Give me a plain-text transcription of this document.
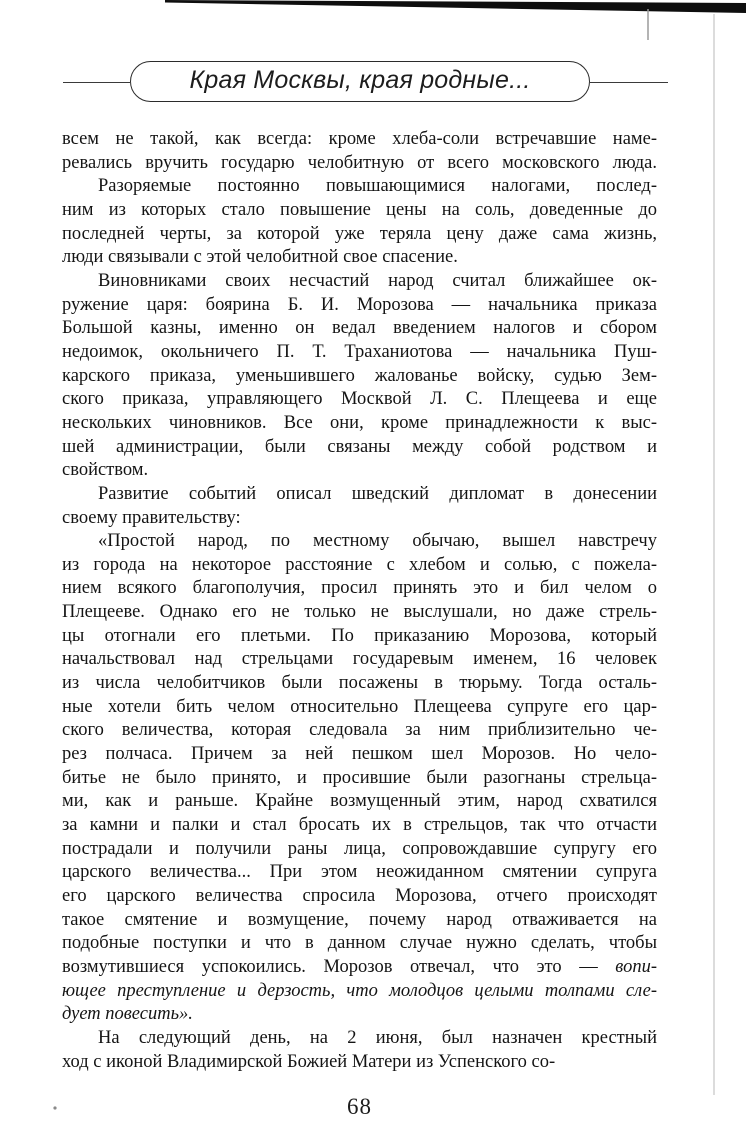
Края Москвы, края родные...
всем не такой, как всегда: кроме хлеба-соли встречавшие наме-
ревались вручить государю челобитную от всего московского люда.
Разоряемые постоянно повышающимися налогами, послед-
ним из которых стало повышение цены на соль, доведенные до
последней черты, за которой уже теряла цену даже сама жизнь,
люди связывали с этой челобитной свое спасение.
Виновниками своих несчастий народ считал ближайшее ок-
ружение царя: боярина Б. И. Морозова — начальника приказа
Большой казны, именно он ведал введением налогов и сбором
недоимок, окольничего П. Т. Траханиотова — начальника Пуш-
карского приказа, уменьшившего жалованье войску, судью Зем-
ского приказа, управляющего Москвой Л. С. Плещеева и еще
нескольких чиновников. Все они, кроме принадлежности к выс-
шей администрации, были связаны между собой родством и
свойством.
Развитие событий описал шведский дипломат в донесении
своему правительству:
«Простой народ, по местному обычаю, вышел навстречу
из города на некоторое расстояние с хлебом и солью, с пожела-
нием всякого благополучия, просил принять это и бил челом о
Плещееве. Однако его не только не выслушали, но даже стрель-
цы отогнали его плетьми. По приказанию Морозова, который
начальствовал над стрельцами государевым именем, 16 человек
из числа челобитчиков были посажены в тюрьму. Тогда осталь-
ные хотели бить челом относительно Плещеева супруге его цар-
ского величества, которая следовала за ним приблизительно че-
рез полчаса. Причем за ней пешком шел Морозов. Но чело-
битье не было принято, и просившие были разогнаны стрельца-
ми, как и раньше. Крайне возмущенный этим, народ схватился
за камни и палки и стал бросать их в стрельцов, так что отчасти
пострадали и получили раны лица, сопровождавшие супругу его
царского величества... При этом неожиданном смятении супруга
его царского величества спросила Морозова, отчего происходят
такое смятение и возмущение, почему народ отваживается на
подобные поступки и что в данном случае нужно сделать, чтобы
возмутившиеся успокоились. Морозов отвечал, что это — вопи-
ющее преступление и дерзость, что молодцов целыми толпами сле-
дует повесить».
На следующий день, на 2 июня, был назначен крестный
ход с иконой Владимирской Божией Матери из Успенского со-
68
